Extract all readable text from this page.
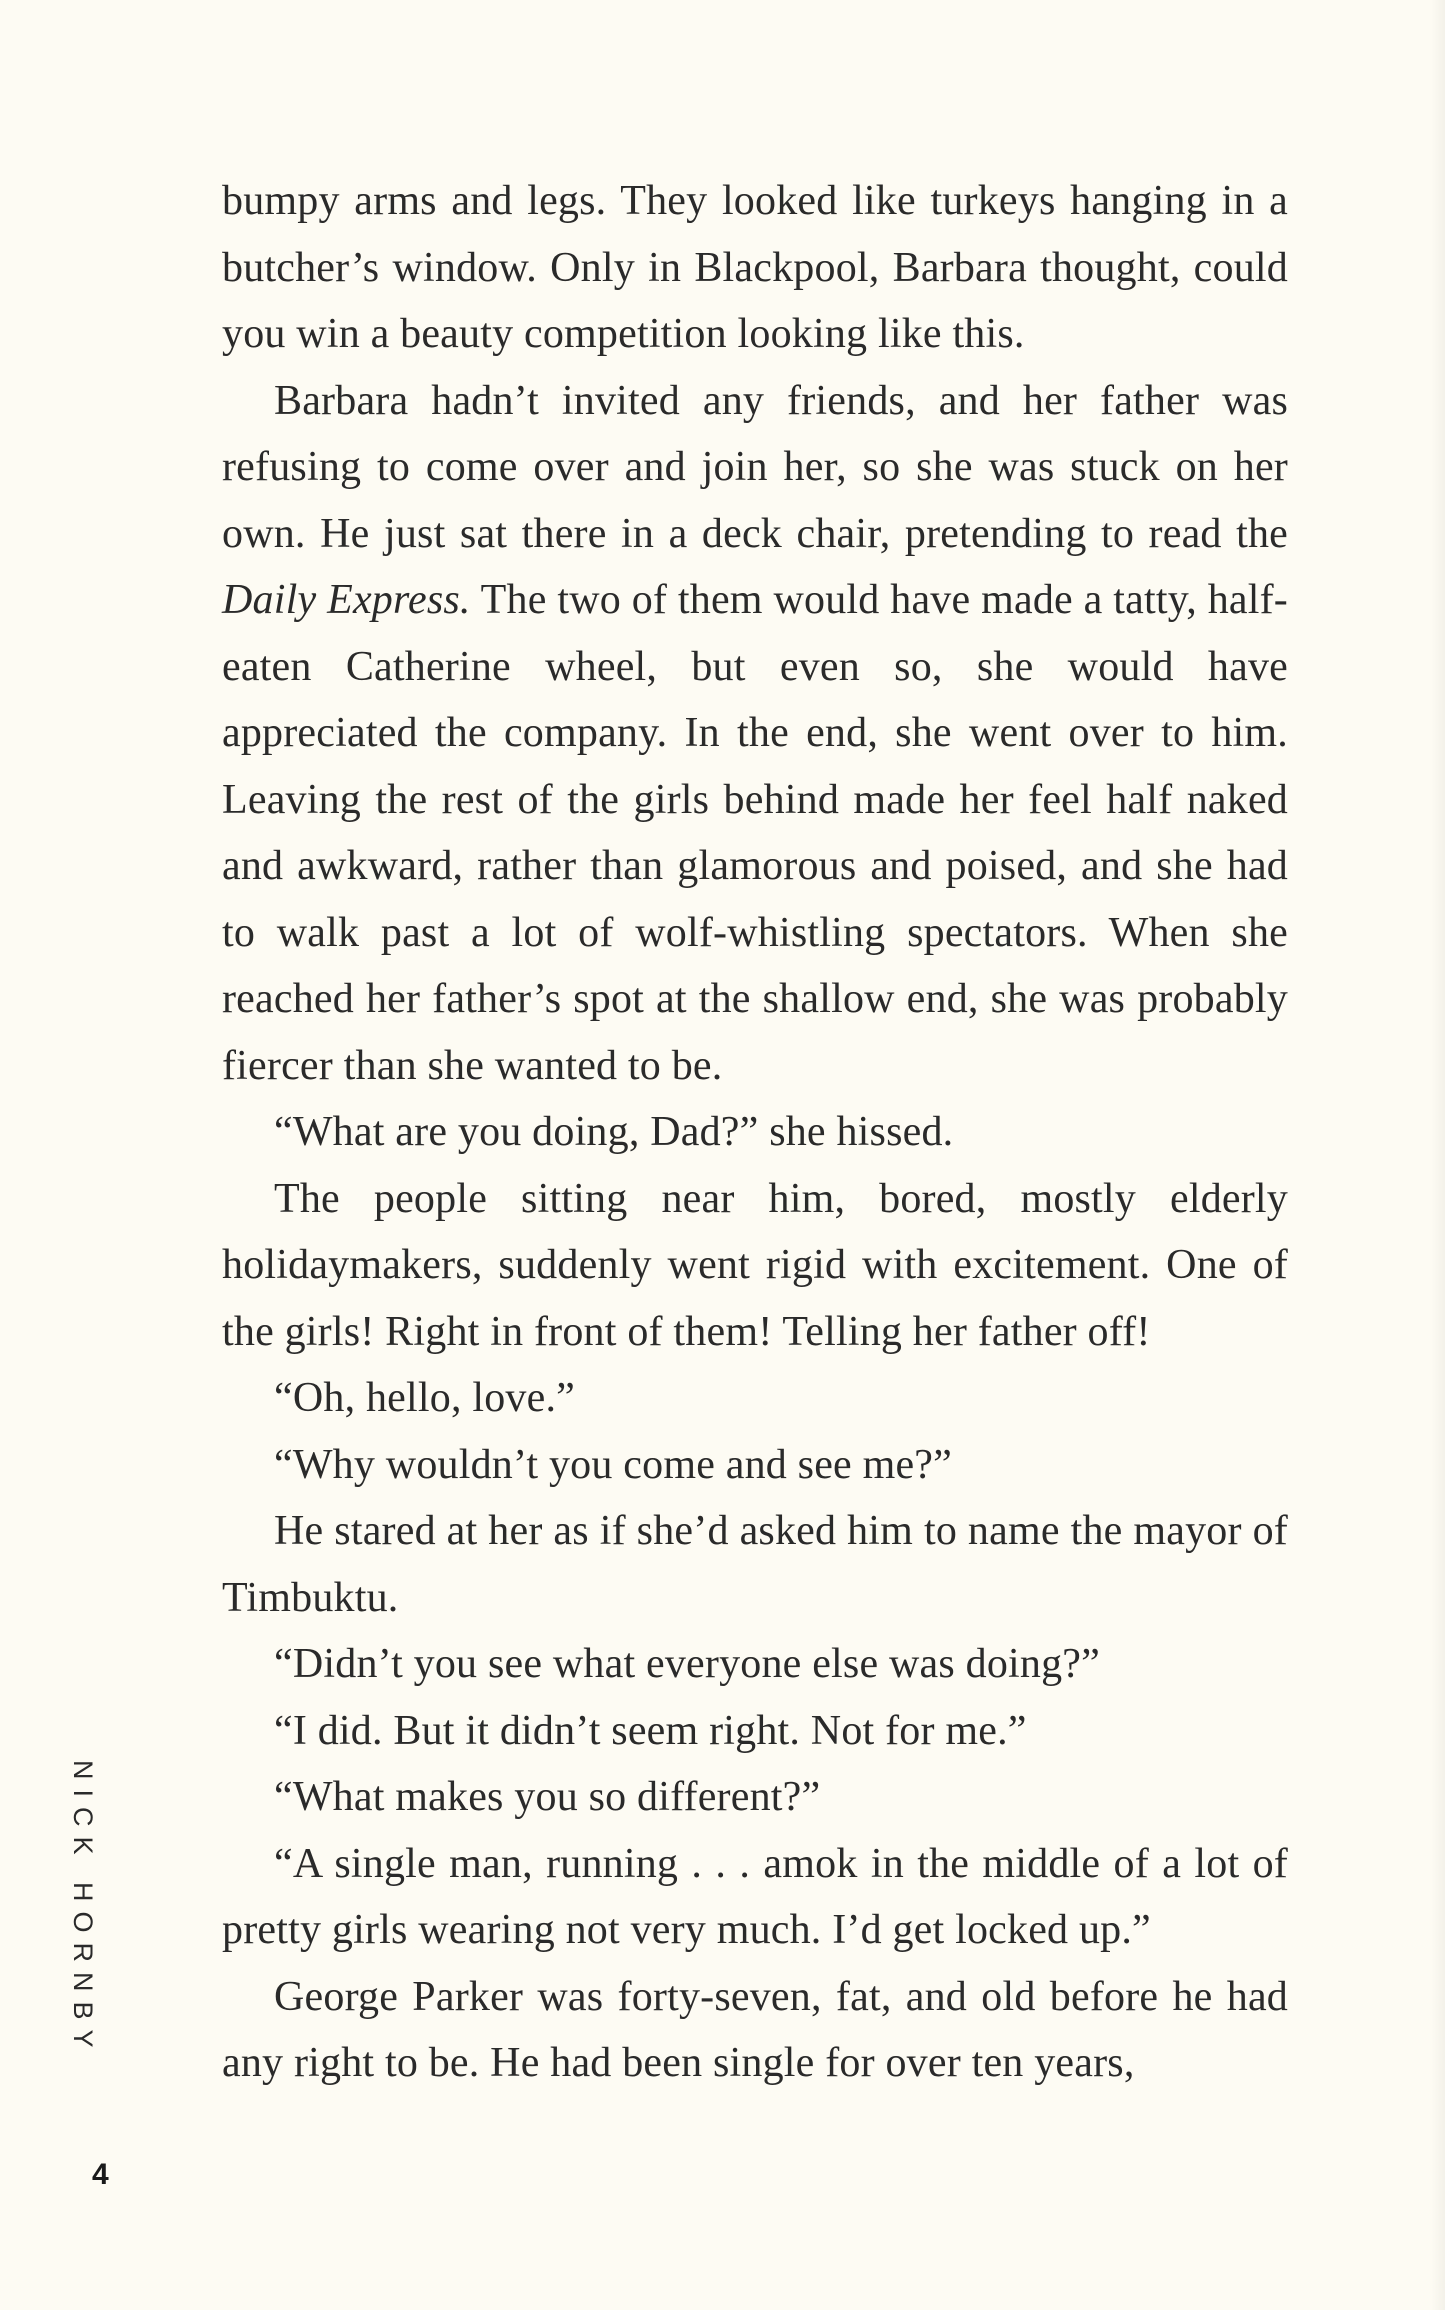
bumpy arms and legs. They looked like turkeys hanging in a butcher’s window. Only in Blackpool, Barbara thought, could you win a beauty competition looking like this.

Barbara hadn’t invited any friends, and her father was refusing to come over and join her, so she was stuck on her own. He just sat there in a deck chair, pretending to read the Daily Express. The two of them would have made a tatty, half-eaten Catherine wheel, but even so, she would have appreciated the company. In the end, she went over to him. Leaving the rest of the girls behind made her feel half naked and awkward, rather than glamorous and poised, and she had to walk past a lot of wolf-whistling spectators. When she reached her father’s spot at the shallow end, she was probably fiercer than she wanted to be.

“What are you doing, Dad?” she hissed.

The people sitting near him, bored, mostly elderly holidaymakers, suddenly went rigid with excitement. One of the girls! Right in front of them! Telling her father off!

“Oh, hello, love.”

“Why wouldn’t you come and see me?”

He stared at her as if she’d asked him to name the mayor of Timbuktu.

“Didn’t you see what everyone else was doing?”

“I did. But it didn’t seem right. Not for me.”

“What makes you so different?”

“A single man, running . . . amok in the middle of a lot of pretty girls wearing not very much. I’d get locked up.”

George Parker was forty-seven, fat, and old before he had any right to be. He had been single for over ten years,

NICK HORNBY
4
